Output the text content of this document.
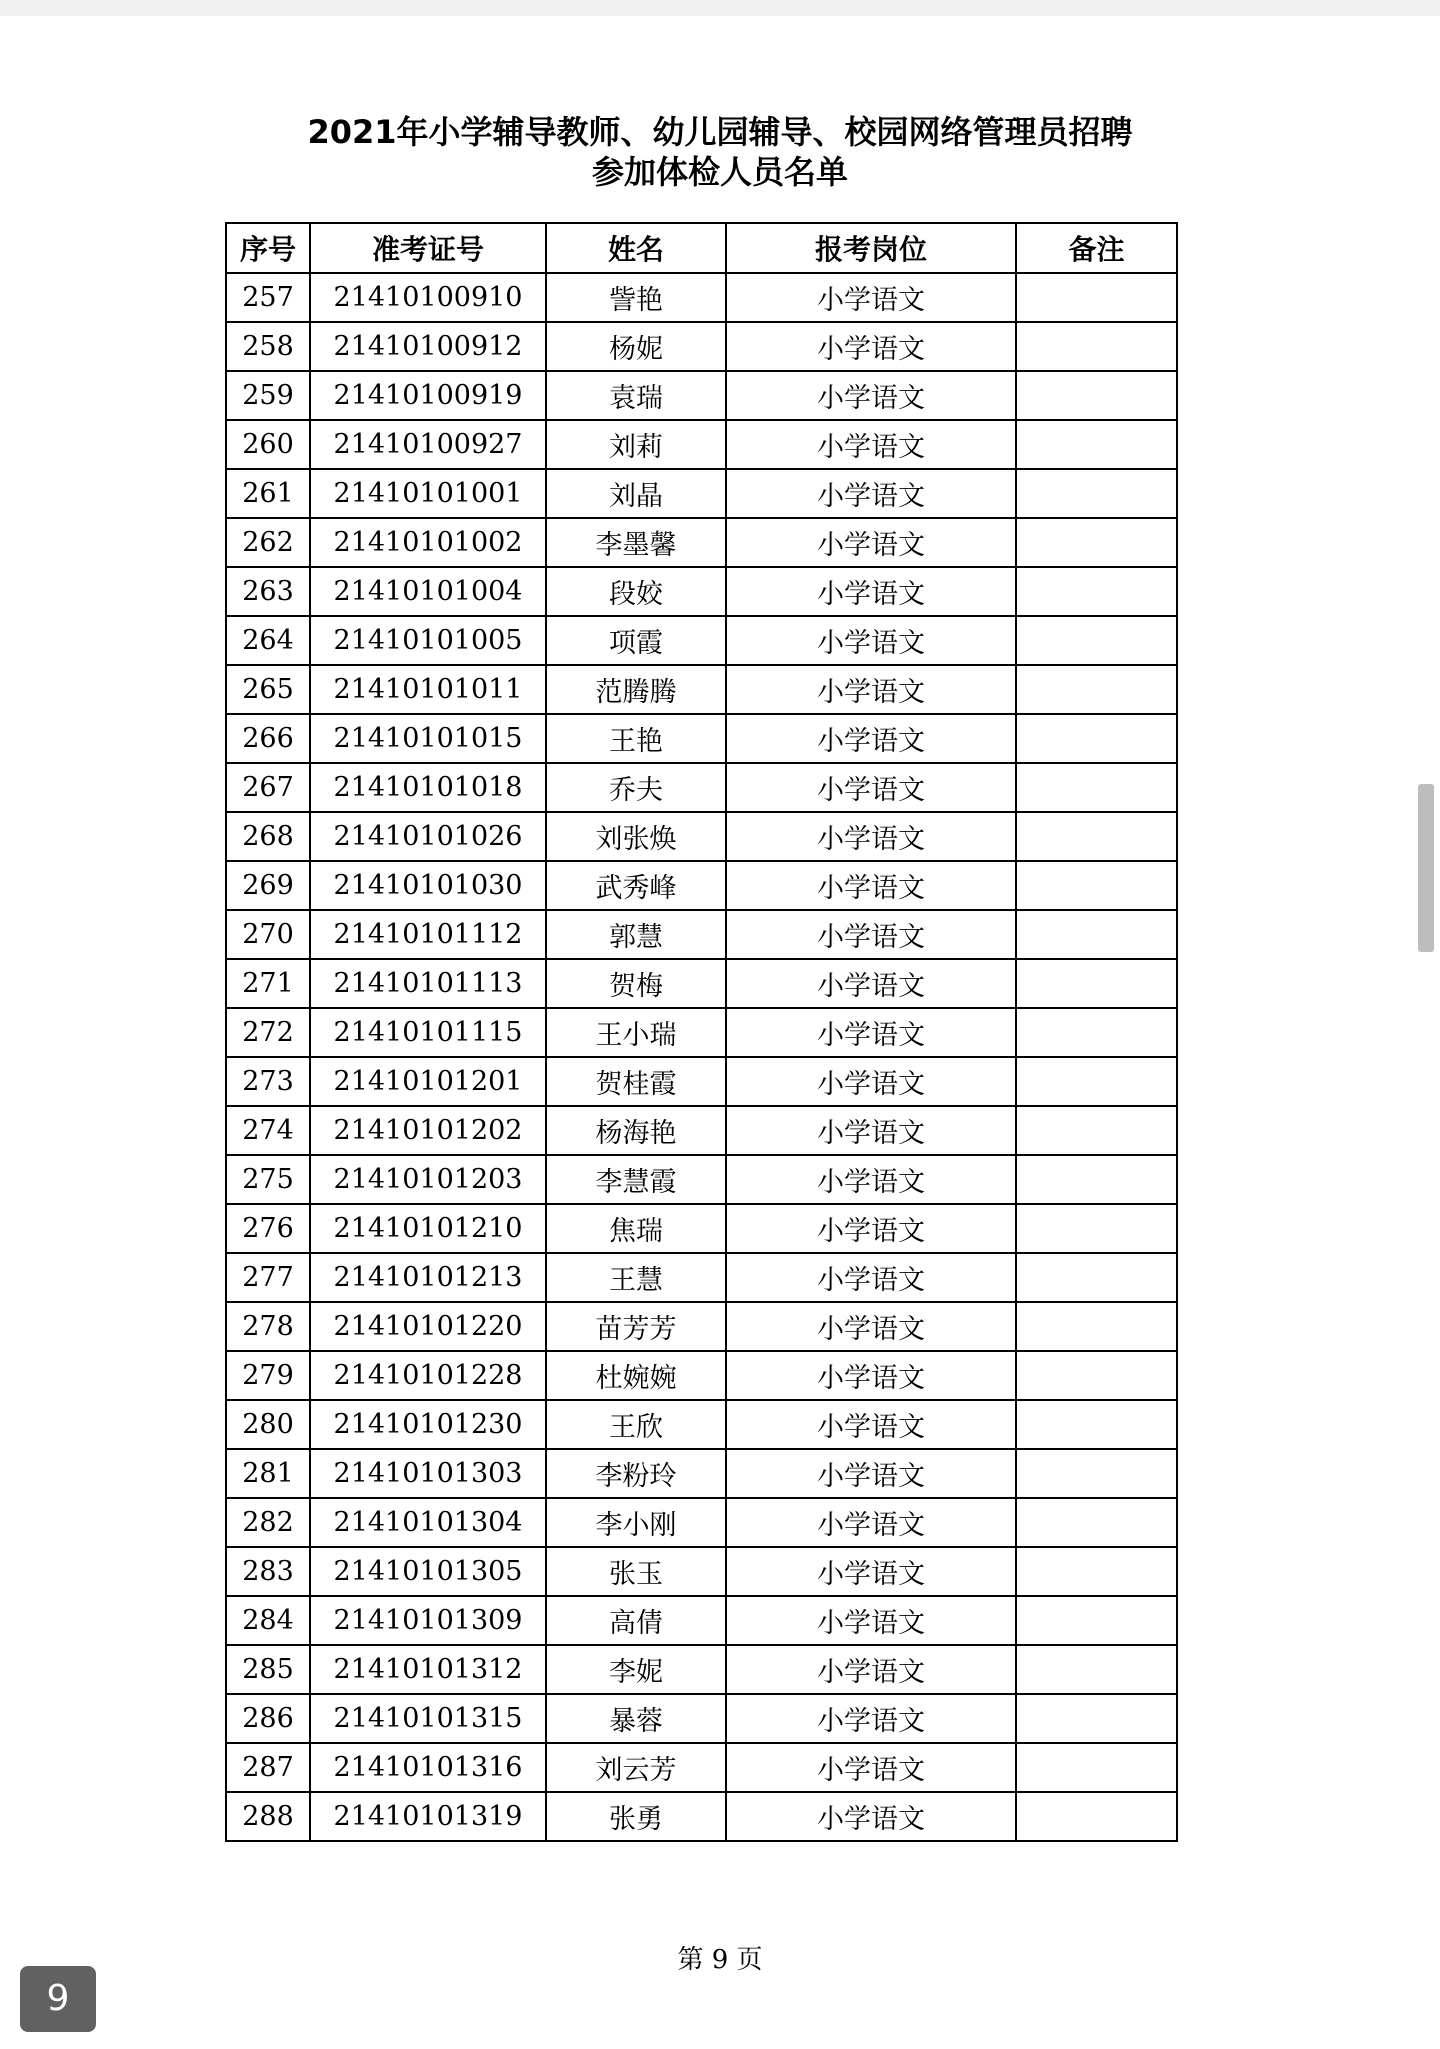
2021年小学辅导教师、幼儿园辅导、校园网络管理员招聘
参加体检人员名单
序号	准考证号	姓名	报考岗位	备注
257	21410100910	訾艳	小学语文	
258	21410100912	杨妮	小学语文	
259	21410100919	袁瑞	小学语文	
260	21410100927	刘莉	小学语文	
261	21410101001	刘晶	小学语文	
262	21410101002	李墨馨	小学语文	
263	21410101004	段姣	小学语文	
264	21410101005	项霞	小学语文	
265	21410101011	范腾腾	小学语文	
266	21410101015	王艳	小学语文	
267	21410101018	乔夫	小学语文	
268	21410101026	刘张焕	小学语文	
269	21410101030	武秀峰	小学语文	
270	21410101112	郭慧	小学语文	
271	21410101113	贺梅	小学语文	
272	21410101115	王小瑞	小学语文	
273	21410101201	贺桂霞	小学语文	
274	21410101202	杨海艳	小学语文	
275	21410101203	李慧霞	小学语文	
276	21410101210	焦瑞	小学语文	
277	21410101213	王慧	小学语文	
278	21410101220	苗芳芳	小学语文	
279	21410101228	杜婉婉	小学语文	
280	21410101230	王欣	小学语文	
281	21410101303	李粉玲	小学语文	
282	21410101304	李小刚	小学语文	
283	21410101305	张玉	小学语文	
284	21410101309	高倩	小学语文	
285	21410101312	李妮	小学语文	
286	21410101315	暴蓉	小学语文	
287	21410101316	刘云芳	小学语文	
288	21410101319	张勇	小学语文	
第 9 页
9
